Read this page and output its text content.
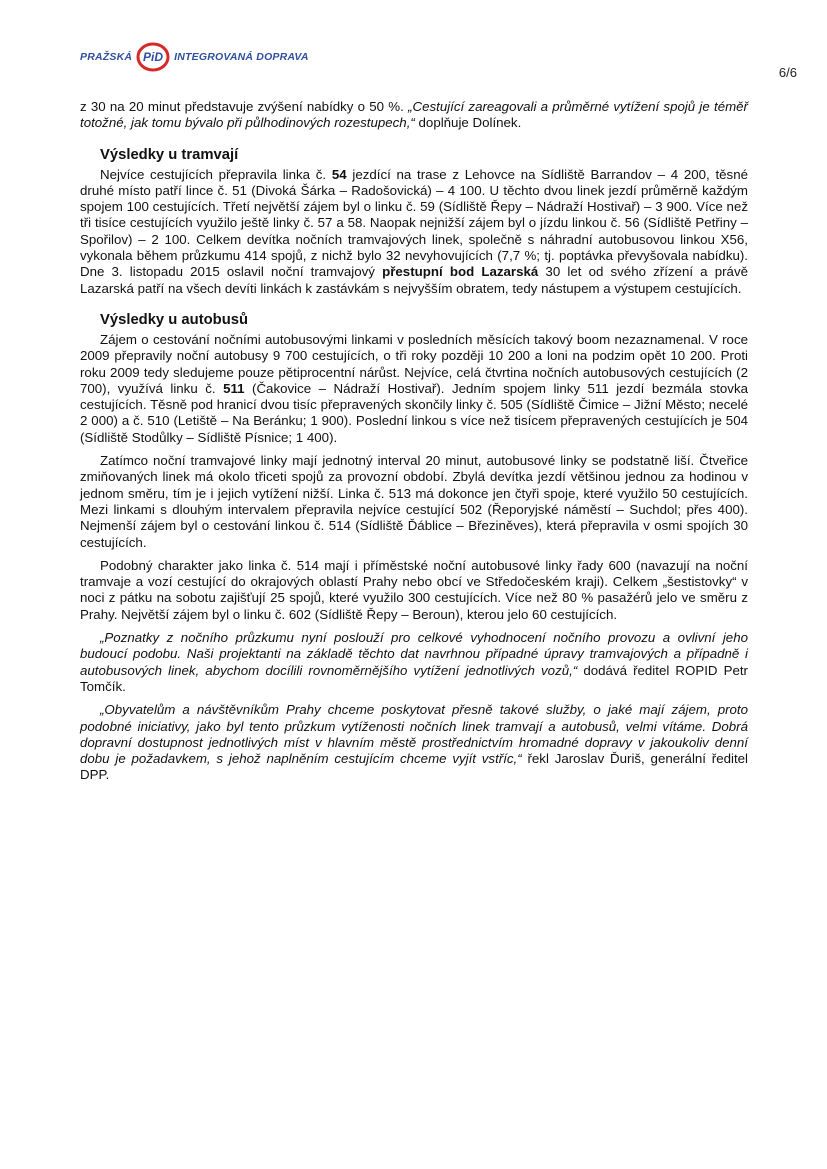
PRAŽSKÁ PiD INTEGROVANÁ DOPRAVA
6/6

z 30 na 20 minut představuje zvýšení nabídky o 50 %. „Cestující zareagovali a průměrné vytížení spojů je téměř totožné, jak tomu bývalo při půlhodinových rozestupech,“ doplňuje Dolínek.

Výsledky u tramvají

Nejvíce cestujících přepravila linka č. 54 jezdící na trase z Lehovce na Sídliště Barrandov – 4 200, těsné druhé místo patří lince č. 51 (Divoká Šárka – Radošovická) – 4 100. U těchto dvou linek jezdí průměrně každým spojem 100 cestujících. Třetí největší zájem byl o linku č. 59 (Sídliště Řepy – Nádraží Hostivař) – 3 900. Více než tři tisíce cestujících využilo ještě linky č. 57 a 58. Naopak nejnižší zájem byl o jízdu linkou č. 56 (Sídliště Petřiny – Spořilov) – 2 100. Celkem devítka nočních tramvajových linek, společně s náhradní autobusovou linkou X56, vykonala během průzkumu 414 spojů, z nichž bylo 32 nevyhovujících (7,7 %; tj. poptávka převyšovala nabídku). Dne 3. listopadu 2015 oslavil noční tramvajový přestupní bod Lazarská 30 let od svého zřízení a právě Lazarská patří na všech devíti linkách k zastávkám s nejvyšším obratem, tedy nástupem a výstupem cestujících.

Výsledky u autobusů

Zájem o cestování nočními autobusovými linkami v posledních měsících takový boom nezaznamenal. V roce 2009 přepravily noční autobusy 9 700 cestujících, o tři roky později 10 200 a loni na podzim opět 10 200. Proti roku 2009 tedy sledujeme pouze pětiprocentní nárůst. Nejvíce, celá čtvrtina nočních autobusových cestujících (2 700), využívá linku č. 511 (Čakovice – Nádraží Hostivař). Jedním spojem linky 511 jezdí bezmála stovka cestujících. Těsně pod hranicí dvou tisíc přepravených skončily linky č. 505 (Sídliště Čimice – Jižní Město; necelé 2 000) a č. 510 (Letiště – Na Beránku; 1 900). Poslední linkou s více než tisícem přepravených cestujících je 504 (Sídliště Stodůlky – Sídliště Písnice; 1 400).

Zatímco noční tramvajové linky mají jednotný interval 20 minut, autobusové linky se podstatně liší. Čtveřice zmiňovaných linek má okolo třiceti spojů za provozní období. Zbylá devítka jezdí většinou jednou za hodinou v jednom směru, tím je i jejich vytížení nižší. Linka č. 513 má dokonce jen čtyři spoje, které využilo 50 cestujících. Mezi linkami s dlouhým intervalem přepravila nejvíce cestující 502 (Řeporyjské náměstí – Suchdol; přes 400). Nejmenší zájem byl o cestování linkou č. 514 (Sídliště Ďáblice – Březiněves), která přepravila v osmi spojích 30 cestujících.

Podobný charakter jako linka č. 514 mají i příměstské noční autobusové linky řady 600 (navazují na noční tramvaje a vozí cestující do okrajových oblastí Prahy nebo obcí ve Středočeském kraji). Celkem „šestistovky“ v noci z pátku na sobotu zajišťují 25 spojů, které využilo 300 cestujících. Více než 80 % pasažérů jelo ve směru z Prahy. Největší zájem byl o linku č. 602 (Sídliště Řepy – Beroun), kterou jelo 60 cestujících.

„Poznatky z nočního průzkumu nyní poslouží pro celkové vyhodnocení nočního provozu a ovlivní jeho budoucí podobu. Naši projektanti na základě těchto dat navrhnou případné úpravy tramvajových a případně i autobusových linek, abychom docílili rovnoměrnějšího vytížení jednotlivých vozů,“ dodává ředitel ROPID Petr Tomčík.

„Obyvatelům a návštěvníkům Prahy chceme poskytovat přesně takové služby, o jaké mají zájem, proto podobné iniciativy, jako byl tento průzkum vytíženosti nočních linek tramvají a autobusů, velmi vítáme. Dobrá dopravní dostupnost jednotlivých míst v hlavním městě prostřednictvím hromadné dopravy v jakoukoliv denní dobu je požadavkem, s jehož naplněním cestujícím chceme vyjít vstříc,“ řekl Jaroslav Ďuriš, generální ředitel DPP.
